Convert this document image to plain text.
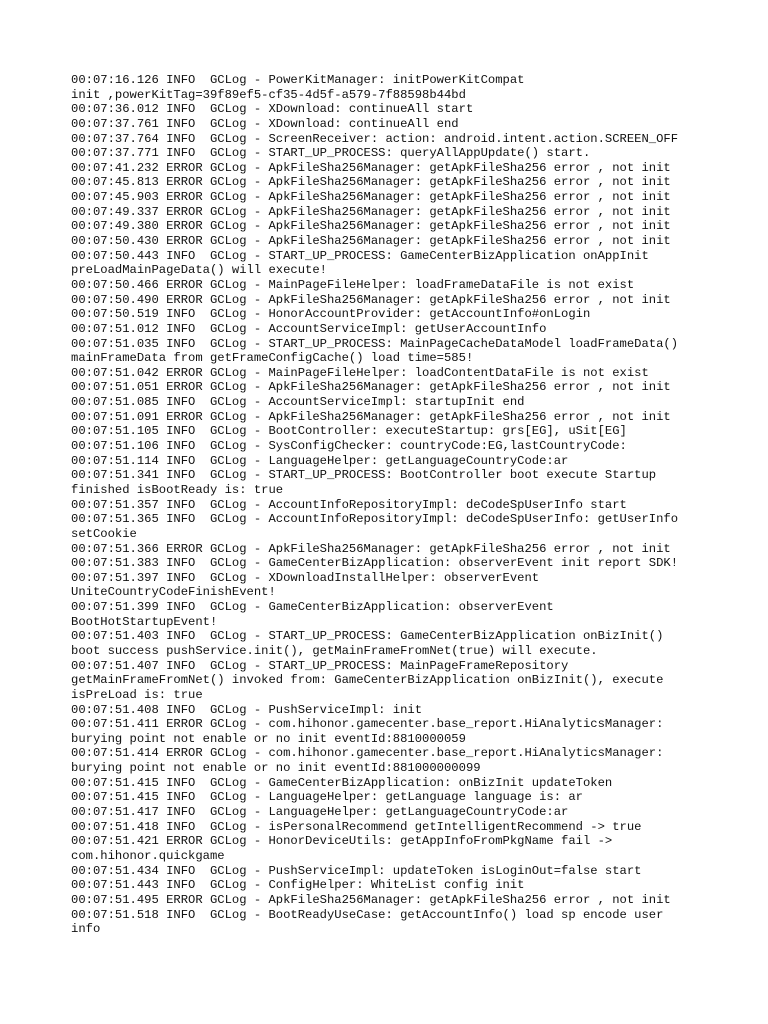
00:07:16.126 INFO  GCLog - PowerKitManager: initPowerKitCompat
init ,powerKitTag=39f89ef5-cf35-4d5f-a579-7f88598b44bd
00:07:36.012 INFO  GCLog - XDownload: continueAll start
00:07:37.761 INFO  GCLog - XDownload: continueAll end
00:07:37.764 INFO  GCLog - ScreenReceiver: action: android.intent.action.SCREEN_OFF
00:07:37.771 INFO  GCLog - START_UP_PROCESS: queryAllAppUpdate() start.
00:07:41.232 ERROR GCLog - ApkFileSha256Manager: getApkFileSha256 error , not init
00:07:45.813 ERROR GCLog - ApkFileSha256Manager: getApkFileSha256 error , not init
00:07:45.903 ERROR GCLog - ApkFileSha256Manager: getApkFileSha256 error , not init
00:07:49.337 ERROR GCLog - ApkFileSha256Manager: getApkFileSha256 error , not init
00:07:49.380 ERROR GCLog - ApkFileSha256Manager: getApkFileSha256 error , not init
00:07:50.430 ERROR GCLog - ApkFileSha256Manager: getApkFileSha256 error , not init
00:07:50.443 INFO  GCLog - START_UP_PROCESS: GameCenterBizApplication onAppInit
preLoadMainPageData() will execute!
00:07:50.466 ERROR GCLog - MainPageFileHelper: loadFrameDataFile is not exist
00:07:50.490 ERROR GCLog - ApkFileSha256Manager: getApkFileSha256 error , not init
00:07:50.519 INFO  GCLog - HonorAccountProvider: getAccountInfo#onLogin
00:07:51.012 INFO  GCLog - AccountServiceImpl: getUserAccountInfo
00:07:51.035 INFO  GCLog - START_UP_PROCESS: MainPageCacheDataModel loadFrameData()
mainFrameData from getFrameConfigCache() load time=585!
00:07:51.042 ERROR GCLog - MainPageFileHelper: loadContentDataFile is not exist
00:07:51.051 ERROR GCLog - ApkFileSha256Manager: getApkFileSha256 error , not init
00:07:51.085 INFO  GCLog - AccountServiceImpl: startupInit end
00:07:51.091 ERROR GCLog - ApkFileSha256Manager: getApkFileSha256 error , not init
00:07:51.105 INFO  GCLog - BootController: executeStartup: grs[EG], uSit[EG]
00:07:51.106 INFO  GCLog - SysConfigChecker: countryCode:EG,lastCountryCode:
00:07:51.114 INFO  GCLog - LanguageHelper: getLanguageCountryCode:ar
00:07:51.341 INFO  GCLog - START_UP_PROCESS: BootController boot execute Startup
finished isBootReady is: true
00:07:51.357 INFO  GCLog - AccountInfoRepositoryImpl: deCodeSpUserInfo start
00:07:51.365 INFO  GCLog - AccountInfoRepositoryImpl: deCodeSpUserInfo: getUserInfo
setCookie
00:07:51.366 ERROR GCLog - ApkFileSha256Manager: getApkFileSha256 error , not init
00:07:51.383 INFO  GCLog - GameCenterBizApplication: observerEvent init report SDK!
00:07:51.397 INFO  GCLog - XDownloadInstallHelper: observerEvent
UniteCountryCodeFinishEvent!
00:07:51.399 INFO  GCLog - GameCenterBizApplication: observerEvent
BootHotStartupEvent!
00:07:51.403 INFO  GCLog - START_UP_PROCESS: GameCenterBizApplication onBizInit()
boot success pushService.init(), getMainFrameFromNet(true) will execute.
00:07:51.407 INFO  GCLog - START_UP_PROCESS: MainPageFrameRepository
getMainFrameFromNet() invoked from: GameCenterBizApplication onBizInit(), execute
isPreLoad is: true
00:07:51.408 INFO  GCLog - PushServiceImpl: init
00:07:51.411 ERROR GCLog - com.hihonor.gamecenter.base_report.HiAnalyticsManager:
burying point not enable or no init eventId:8810000059
00:07:51.414 ERROR GCLog - com.hihonor.gamecenter.base_report.HiAnalyticsManager:
burying point not enable or no init eventId:881000000099
00:07:51.415 INFO  GCLog - GameCenterBizApplication: onBizInit updateToken
00:07:51.415 INFO  GCLog - LanguageHelper: getLanguage language is: ar
00:07:51.417 INFO  GCLog - LanguageHelper: getLanguageCountryCode:ar
00:07:51.418 INFO  GCLog - isPersonalRecommend getIntelligentRecommend -> true
00:07:51.421 ERROR GCLog - HonorDeviceUtils: getAppInfoFromPkgName fail ->
com.hihonor.quickgame
00:07:51.434 INFO  GCLog - PushServiceImpl: updateToken isLoginOut=false start
00:07:51.443 INFO  GCLog - ConfigHelper: WhiteList config init
00:07:51.495 ERROR GCLog - ApkFileSha256Manager: getApkFileSha256 error , not init
00:07:51.518 INFO  GCLog - BootReadyUseCase: getAccountInfo() load sp encode user
info
